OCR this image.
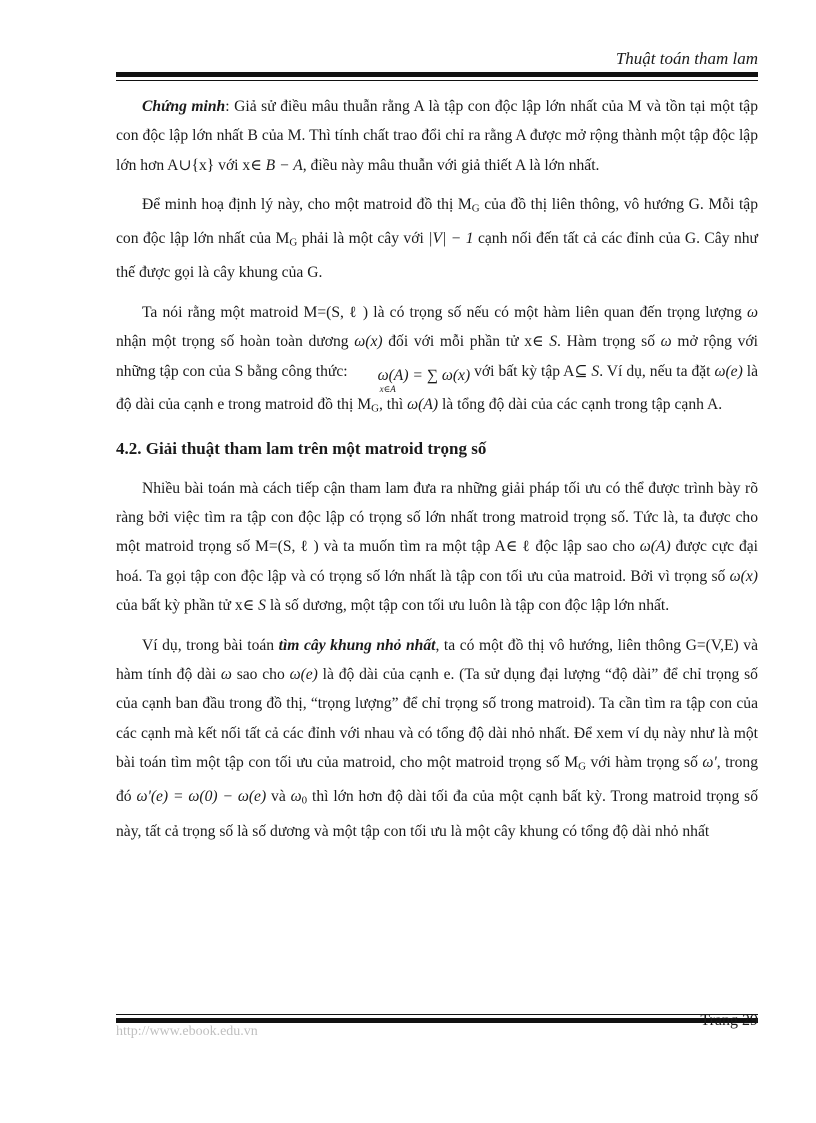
Thuật toán tham lam

Chứng minh: Giả sử điều mâu thuẫn rằng A là tập con độc lập lớn nhất của M và tồn tại một tập con độc lập lớn nhất B của M. Thì tính chất trao đổi chỉ ra rằng A được mở rộng thành một tập độc lập lớn hơn A∪{x} với x∈ B − A, điều này mâu thuẫn với giả thiết A là lớn nhất.

Để minh hoạ định lý này, cho một matroid đồ thị $M_G$ của đồ thị liên thông, vô hướng G. Mỗi tập con độc lập lớn nhất của $M_G$ phải là một cây với |V| − 1 cạnh nối đến tất cả các đỉnh của G. Cây như thế được gọi là cây khung của G.

Ta nói rằng một matroid M=(S, ℓ ) là có trọng số nếu có một hàm liên quan đến trọng lượng ω nhận một trọng số hoàn toàn dương ω(x) đối với mỗi phần tử x∈ S. Hàm trọng số ω mở rộng với những tập con của S bằng công thức: ω(A) = ∑ ω(x)
x∈A
với bất kỳ tập A⊆ S. Ví dụ, nếu ta đặt ω(e) là độ dài của cạnh e trong matroid đồ thị $M_G$, thì ω(A) là tổng độ dài của các cạnh trong tập cạnh A.

4.2. Giải thuật tham lam trên một matroid trọng số

Nhiều bài toán mà cách tiếp cận tham lam đưa ra những giải pháp tối ưu có thể được trình bày rõ ràng bởi việc tìm ra tập con độc lập có trọng số lớn nhất trong matroid trọng số. Tức là, ta được cho một matroid trọng số M=(S, ℓ ) và ta muốn tìm ra một tập A∈ ℓ độc lập sao cho ω(A) được cực đại hoá. Ta gọi tập con độc lập và có trọng số lớn nhất là tập con tối ưu của matroid. Bởi vì trọng số ω(x) của bất kỳ phần tử x∈ S là số dương, một tập con tối ưu luôn là tập con độc lập lớn nhất.

Ví dụ, trong bài toán tìm cây khung nhỏ nhất, ta có một đồ thị vô hướng, liên thông G=(V,E) và hàm tính độ dài ω sao cho ω(e) là độ dài của cạnh e. (Ta sử dụng đại lượng “độ dài” để chỉ trọng số của cạnh ban đầu trong đồ thị, “trọng lượng” để chỉ trọng số trong matroid). Ta cần tìm ra tập con của các cạnh mà kết nối tất cả các đỉnh với nhau và có tổng độ dài nhỏ nhất. Để xem ví dụ này như là một bài toán tìm một tập con tối ưu của matroid, cho một matroid trọng số $M_G$ với hàm trọng số ω', trong đó ω'(e) = ω(0) − ω(e) và $\omega_0$ thì lớn hơn độ dài tối đa của một cạnh bất kỳ. Trong matroid trọng số này, tất cả trọng số là số dương và một tập con tối ưu là một cây khung có tổng độ dài nhỏ nhất

http://www.ebook.edu.vn
Trang 29
